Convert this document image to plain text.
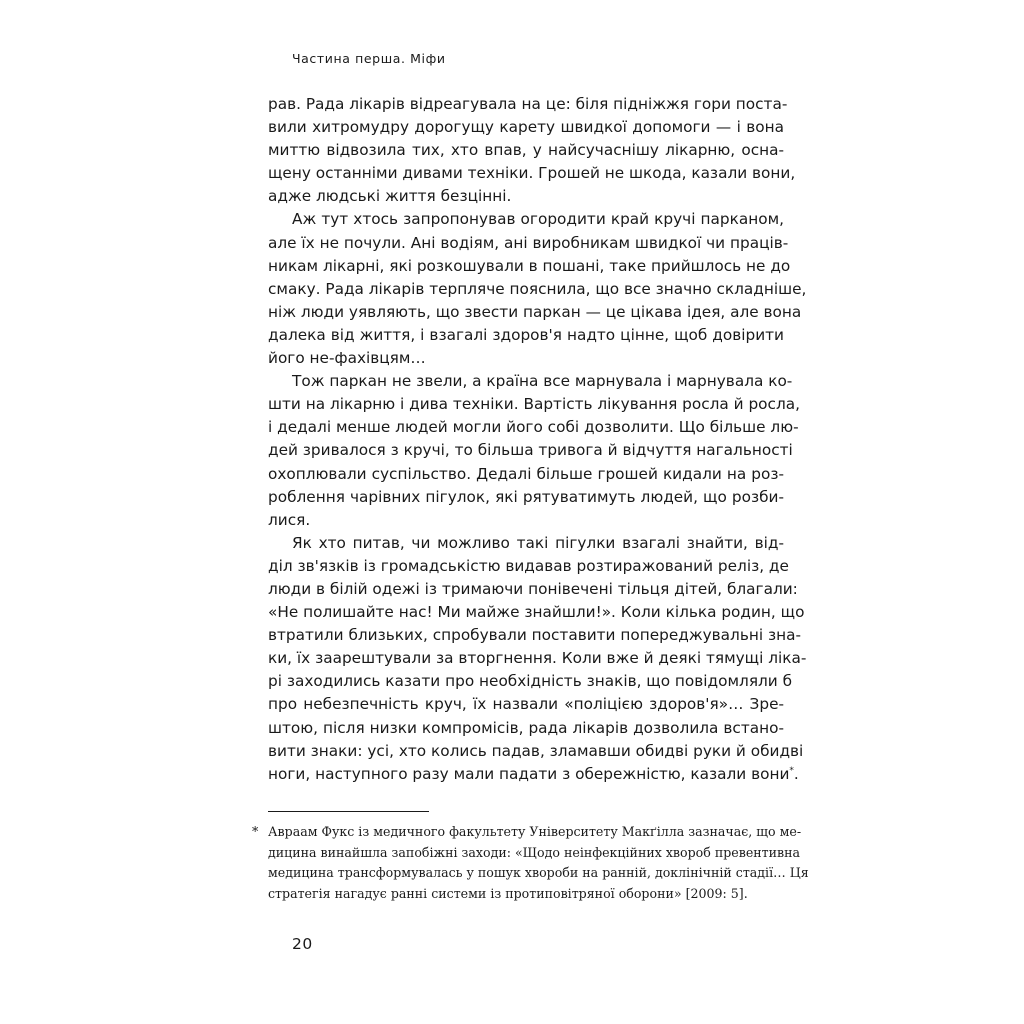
Частина перша. Міфи
рав. Рада лікарів відреагувала на це: біля підніжжя гори поста-
вили хитромудру дорогущу карету швидкої допомоги — і вона
миттю відвозила тих, хто впав, у найсучаснішу лікарню, осна-
щену останніми дивами техніки. Грошей не шкода, казали вони,
адже людські життя безцінні.
Аж тут хтось запропонував огородити край кручі парканом,
але їх не почули. Ані водіям, ані виробникам швидкої чи праців-
никам лікарні, які розкошували в пошані, таке прийшлось не до
смаку. Рада лікарів терпляче пояснила, що все значно складніше,
ніж люди уявляють, що звести паркан — це цікава ідея, але вона
далека від життя, і взагалі здоров'я надто цінне, щоб довірити
його не-фахівцям…
Тож паркан не звели, а країна все марнувала і марнувала ко-
шти на лікарню і дива техніки. Вартість лікування росла й росла,
і дедалі менше людей могли його собі дозволити. Що більше лю-
дей зривалося з кручі, то більша тривога й відчуття нагальності
охоплювали суспільство. Дедалі більше грошей кидали на роз-
роблення чарівних пігулок, які рятуватимуть людей, що розби-
лися.
Як хто питав, чи можливо такі пігулки взагалі знайти, від-
діл зв'язків із громадськістю видавав розтиражований реліз, де
люди в білій одежі із тримаючи понівечені тільця дітей, благали:
«Не полишайте нас! Ми майже знайшли!». Коли кілька родин, що
втратили близьких, спробували поставити попереджувальні зна-
ки, їх заарештували за вторгнення. Коли вже й деякі тямущі ліка-
рі заходились казати про необхідність знаків, що повідомляли б
про небезпечність круч, їх назвали «поліцією здоров'я»… Зре-
штою, після низки компромісів, рада лікарів дозволила встано-
вити знаки: усі, хто колись падав, зламавши обидві руки й обидві
ноги, наступного разу мали падати з обережністю, казали вони*.
* Авраам Фукс із медичного факультету Університету Макґілла зазначає, що ме-
дицина винайшла запобіжні заходи: «Щодо неінфекційних хвороб превентивна
медицина трансформувалась у пошук хвороби на ранній, доклінічній стадії… Ця
стратегія нагадує ранні системи із протиповітряної оборони» [2009: 5].
20
